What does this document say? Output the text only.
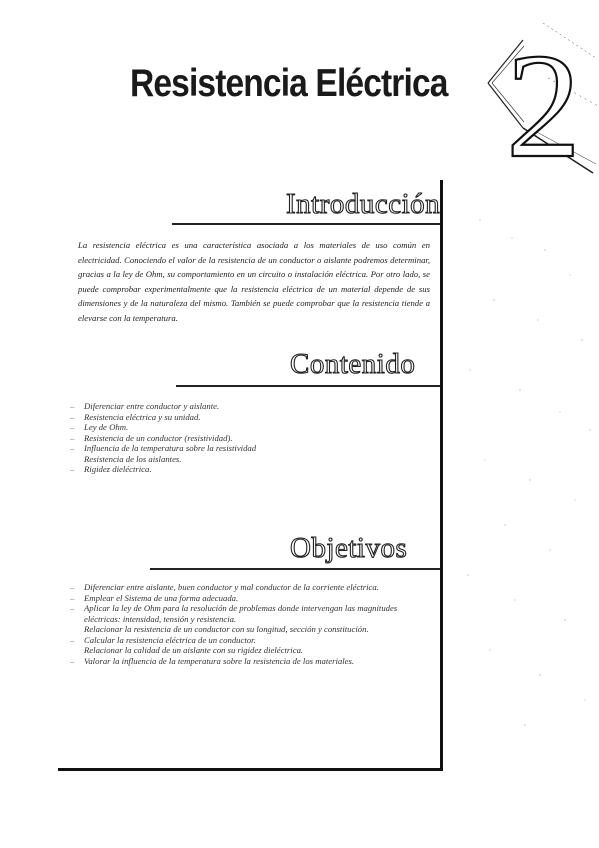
Resistencia Eléctrica 2
Introducción

La resistencia eléctrica es una característica asociada a los materiales de uso común en electricidad. Conociendo el valor de la resistencia de un conductor o aislante podremos determinar, gracias a la ley de Ohm, su comportamiento en un circuito o instalación eléctrica. Por otro lado, se puede comprobar experimentalmente que la resistencia eléctrica de un material depende de sus dimensiones y de la naturaleza del mismo. También se puede comprobar que la resistencia tiende a elevarse con la temperatura.

Contenido
– Diferenciar entre conductor y aislante.
– Resistencia eléctrica y su unidad.
– Ley de Ohm.
– Resistencia de un conductor (resistividad).
– Influencia de la temperatura sobre la resistividad
Resistencia de los aislantes.
– Rigidez dieléctrica.
Objetivos
– Diferenciar entre aislante, buen conductor y mal conductor de la corriente eléctrica.
– Emplear el Sistema de una forma adecuada.
– Aplicar la ley de Ohm para la resolución de problemas donde intervengan las magnitudes eléctricas: intensidad, tensión y resistencia.
Relacionar la resistencia de un conductor con su longitud, sección y constitución.
– Calcular la resistencia eléctrica de un conductor.
Relacionar la calidad de un aislante con su rigidez dieléctrica.
– Valorar la influencia de la temperatura sobre la resistencia de los materiales.
